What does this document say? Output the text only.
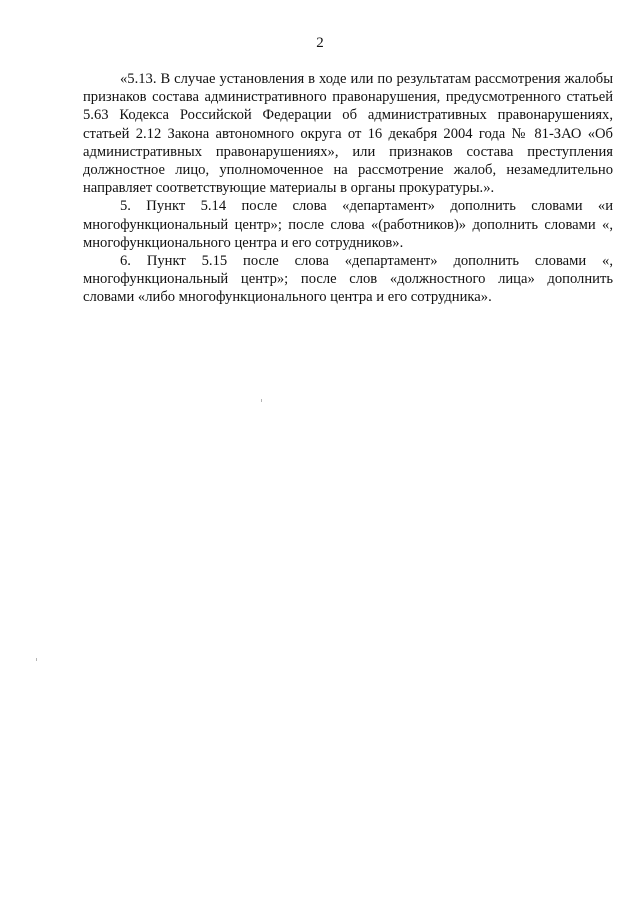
2

«5.13. В случае установления в ходе или по результатам рассмотрения жалобы признаков состава административного правонарушения, предусмотренного статьей 5.63 Кодекса Российской Федерации об административных правонарушениях, статьей 2.12 Закона автономного округа от 16 декабря 2004 года № 81-ЗАО «Об административных правонарушениях», или признаков состава преступления должностное лицо, уполномоченное на рассмотрение жалоб, незамедлительно направляет соответствующие материалы в органы прокуратуры.».

5. Пункт 5.14 после слова «департамент» дополнить словами «и многофункциональный центр»; после слова «(работников)» дополнить словами «, многофункционального центра и его сотрудников».

6. Пункт 5.15 после слова «департамент» дополнить словами «, многофункциональный центр»; после слов «должностного лица» дополнить словами «либо многофункционального центра и его сотрудника».
